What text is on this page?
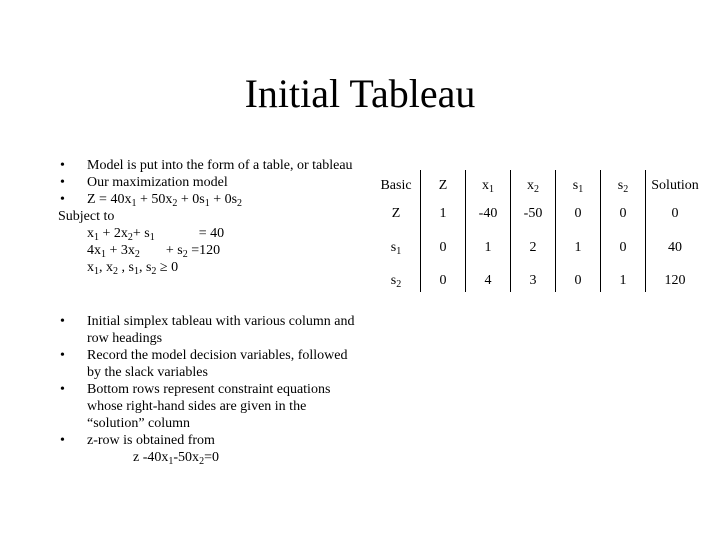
Initial Tableau
• Model is put into the form of a table, or tableau
• Our maximization model
• $Z = 40x_1 + 50x_2 + 0s_1 + 0s_2$
Subject to
$x_1 + 2x_2+ s_1$	= 40
$4x_1 + 3x_2 + s_2 =120$
$x_1$, $x_2$ , $s_1$, $s_2 \ge 0$
• Initial simplex tableau with various column and row headings
• Record the model decision variables, followed by the slack variables
• Bottom rows represent constraint equations whose right-hand sides are given in the “solution” column
• z-row is obtained from
z $-40x_1-50x_2=0$
Basic	Z	$x_1$	$x_2$	$s_1$	$s_2$	Solution
Z	1	-40	-50	0	0	0
$s_1$	0	1	2	1	0	40
$s_2$	0	4	3	0	1	120
